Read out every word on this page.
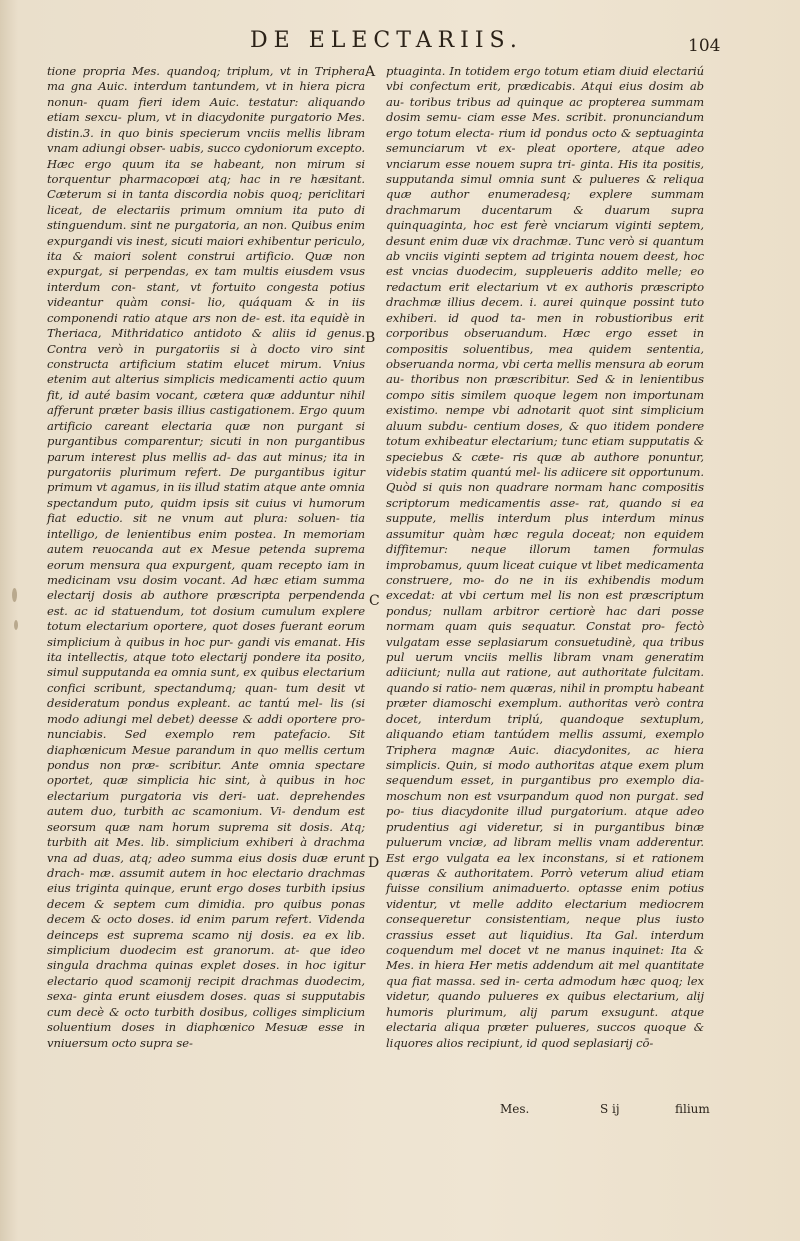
DE ELECTARIIS.	104

tione propria Mes. quandoq; triplum, vt in Triphera ma gna Auic. interdum tantundem, vt in hiera picra nonun- quam fieri idem Auic. testatur: aliquando etiam sexcu- plum, vt in diacydonite purgatorio Mes. distin.3. in quo binis specierum vnciis mellis libram vnam adiungi obser- uabis, succo cydoniorum excepto. Hæc ergo quum ita se habeant, non mirum si torquentur pharmacopœi atq; hac in re hæsitant. Cæterum si in tanta discordia nobis quoq; periclitari liceat, de electariis primum omnium ita puto di stinguendum. sint ne purgatoria, an non. Quibus enim expurgandi vis inest, sicuti maiori exhibentur periculo, ita & maiori solent construi artificio. Quæ non expurgat, si perpendas, ex tam multis eiusdem vsus interdum con- stant, vt fortuito congesta potius videantur quàm consi- lio, quáquam & in iis componendi ratio atque ars non de- est. ita equidè in Theriaca, Mithridatico antidoto & aliis id genus. Contra verò in purgatoriis si à docto viro sint constructa artificium statim elucet mirum. Vnius etenim aut alterius simplicis medicamenti actio quum fit, id auté basim vocant, cætera quæ adduntur nihil afferunt præter basis illius castigationem. Ergo quum artificio careant electaria quæ non purgant si purgantibus comparentur; sicuti in non purgantibus parum interest plus mellis ad- das aut minus; ita in purgatoriis plurimum refert. De purgantibus igitur primum vt agamus, in iis illud statim atque ante omnia spectandum puto, quidm ipsis sit cuius vi humorum fiat eductio. sit ne vnum aut plura: soluen- tia intelligo, de lenientibus enim postea. In memoriam autem reuocanda aut ex Mesue petenda suprema eorum mensura qua expurgent, quam recepto iam in medicinam vsu dosim vocant. Ad hæc etiam summa electarij dosis ab authore præscripta perpendenda est. ac id statuendum, tot dosium cumulum explere totum electarium oportere, quot doses fuerant eorum simplicium à quibus in hoc pur- gandi vis emanat. His ita intellectis, atque toto electarij pondere ita posito, simul supputanda ea omnia sunt, ex quibus electarium confici scribunt, spectandumq; quan- tum desit vt desideratum pondus expleant. ac tantú mel- lis (si modo adiungi mel debet) deesse & addi oportere pro- nunciabis. Sed exemplo rem patefacio. Sit diaphœnicum Mesue parandum in quo mellis certum pondus non præ- scribitur. Ante omnia spectare oportet, quæ simplicia hic sint, à quibus in hoc electarium purgatoria vis deri- uat. deprehendes autem duo, turbith ac scamonium. Vi- dendum est seorsum quæ nam horum suprema sit dosis. Atq; turbith ait Mes. lib. simplicium exhiberi à drachma vna ad duas, atq; adeo summa eius dosis duæ erunt drach- mæ. assumit autem in hoc electario drachmas eius triginta quinque, erunt ergo doses turbith ipsius decem & septem cum dimidia. pro quibus ponas decem & octo doses. id enim parum refert. Videnda deinceps est suprema scamo nij dosis. ea ex lib. simplicium duodecim est granorum. at- que ideo singula drachma quinas explet doses. in hoc igitur electario quod scamonij recipit drachmas duodecim, sexa- ginta erunt eiusdem doses. quas si supputabis cum decè & octo turbith dosibus, colliges simplicium soluentium doses in diaphœnico Mesuæ esse in vniuersum octo supra se-

A
B
C
D

ptuaginta. In totidem ergo totum etiam diuid electariú vbi confectum erit, prædicabis. Atqui eius dosim ab au- toribus tribus ad quinque ac propterea summam dosim semu- ciam esse Mes. scribit. pronunciandum ergo totum electa- rium id pondus octo & septuaginta semunciarum vt ex- pleat oportere, atque adeo vnciarum esse nouem supra tri- ginta. His ita positis, supputanda simul omnia sunt & pulueres & reliqua quæ author enumeradesq; explere summam drachmarum ducentarum & duarum supra quinquaginta, hoc est ferè vnciarum viginti septem, desunt enim duæ vix drachmæ. Tunc verò si quantum ab vnciis viginti septem ad triginta nouem deest, hoc est vncias duodecim, suppleueris addito melle; eo redactum erit electarium vt ex authoris præscripto drachmæ illius decem. i. aurei quinque possint tuto exhiberi. id quod ta- men in robustioribus erit corporibus obseruandum. Hæc ergo esset in compositis soluentibus, mea quidem sententia, obseruanda norma, vbi certa mellis mensura ab eorum au- thoribus non præscribitur. Sed & in lenientibus compo sitis similem quoque legem non importunam existimo. nempe vbi adnotarit quot sint simplicium aluum subdu- centium doses, & quo itidem pondere totum exhibeatur electarium; tunc etiam supputatis & speciebus & cæte- ris quæ ab authore ponuntur, videbis statim quantú mel- lis adiicere sit opportunum. Quòd si quis non quadrare normam hanc compositis scriptorum medicamentis asse- rat, quando si ea suppute, mellis interdum plus interdum minus assumitur quàm hæc regula doceat; non equidem diffitemur: neque illorum tamen formulas improbamus, quum liceat cuique vt libet medicamenta construere, mo- do ne in iis exhibendis modum excedat: at vbi certum mel lis non est præscriptum pondus; nullam arbitror certiorè hac dari posse normam quam quis sequatur. Constat pro- fectò vulgatam esse seplasiarum consuetudinè, qua tribus pul uerum vnciis mellis libram vnam generatim adiiciunt; nulla aut ratione, aut authoritate fulcitam. quando si ratio- nem quæras, nihil in promptu habeant præter diamoschi exemplum. authoritas verò contra docet, interdum triplú, quandoque sextuplum, aliquando etiam tantúdem mellis assumi, exemplo Triphera magnæ Auic. diacydonites, ac hiera simplicis. Quin, si modo authoritas atque exem plum sequendum esset, in purgantibus pro exemplo dia- moschum non est vsurpandum quod non purgat. sed po- tius diacydonite illud purgatorium. atque adeo prudentius agi videretur, si in purgantibus binæ puluerum vnciæ, ad libram mellis vnam adderentur. Est ergo vulgata ea lex inconstans, si et rationem quæras & authoritatem. Porrò veterum aliud etiam fuisse consilium animaduerto. optasse enim potius videntur, vt melle addito electarium mediocrem consequeretur consistentiam, neque plus iusto crassius esset aut liquidius. Ita Gal. interdum coquendum mel docet vt ne manus inquinet: Ita & Mes. in hiera Her metis addendum ait mel quantitate qua fiat massa. sed in- certa admodum hæc quoq; lex videtur, quando pulueres ex quibus electarium, alij humoris plurimum, alij parum exsugunt. atque electaria aliqua præter pulueres, succos quoque & liquores alios recipiunt, id quod seplasiarij cō-

Mes.	S ij	filium
